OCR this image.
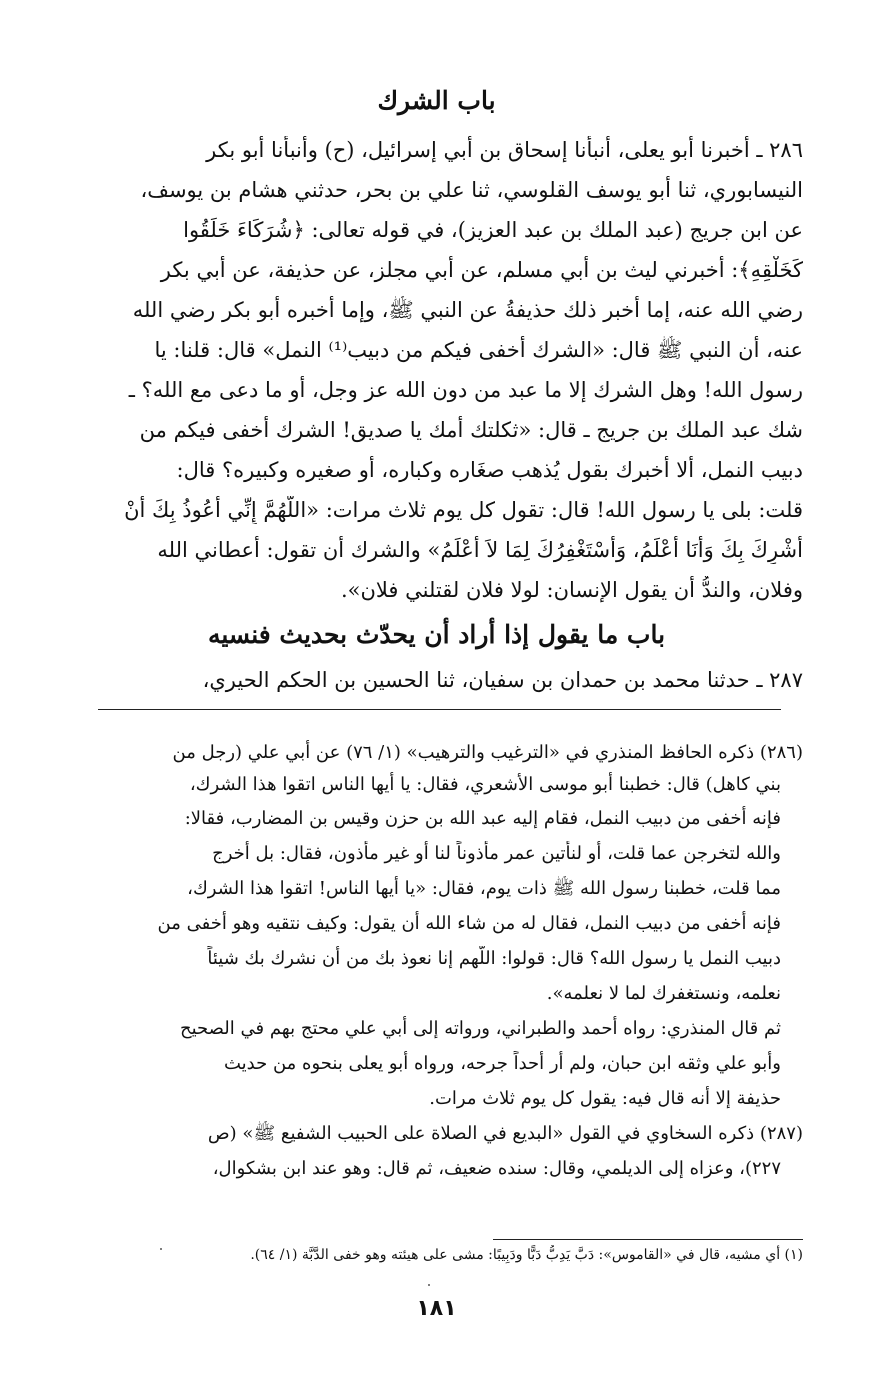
باب الشرك
٢٨٦ ـ أخبرنا أبو يعلى، أنبأنا إسحاق بن أبي إسرائيل، (ح) وأنبأنا أبو بكر
النيسابوري، ثنا أبو يوسف القلوسي، ثنا علي بن بحر، حدثني هشام بن يوسف،
عن ابن جريج (عبد الملك بن عبد العزيز)، في قوله تعالى: ﴿شُرَكَاءَ خَلَقُوا
كَخَلْقِهِ﴾: أخبرني ليث بن أبي مسلم، عن أبي مجلز، عن حذيفة، عن أبي بكر
رضي الله عنه، إما أخبر ذلك حذيفةُ عن النبي ﷺ، وإما أخبره أبو بكر رضي الله
عنه، أن النبي ﷺ قال: «الشرك أخفى فيكم من دبيب⁽¹⁾ النمل» قال: قلنا: يا
رسول الله! وهل الشرك إلا ما عبد من دون الله عز وجل، أو ما دعى مع الله؟ ـ
شك عبد الملك بن جريج ـ قال: «ثكلتك أمك يا صديق! الشرك أخفى فيكم من
دبيب النمل، ألا أخبرك بقول يُذهب صغَاره وكباره، أو صغيره وكبيره؟ قال:
قلت: بلى يا رسول الله! قال: تقول كل يوم ثلاث مرات: «اللَّهُمَّ إِنِّي أَعُوذُ بِكَ أَنْ
أُشْرِكَ بِكَ وَأَنَا أَعْلَمُ، وَأَسْتَغْفِرُكَ لِمَا لاَ أَعْلَمُ» والشرك أن تقول: أعطاني الله
وفلان، والندُّ أن يقول الإنسان: لولا فلان لقتلني فلان».
باب ما يقول إذا أراد أن يحدّث بحديث فنسيه
٢٨٧ ـ حدثنا محمد بن حمدان بن سفيان، ثنا الحسين بن الحكم الحيري،
(٢٨٦) ذكره الحافظ المنذري في «الترغيب والترهيب» (١/ ٧٦) عن أبي علي (رجل من
بني كاهل) قال: خطبنا أبو موسى الأشعري، فقال: يا أيها الناس اتقوا هذا الشرك،
فإنه أخفى من دبيب النمل، فقام إليه عبد الله بن حزن وقيس بن المضارب، فقالا:
والله لتخرجن عما قلت، أو لنأتين عمر مأذوناً لنا أو غير مأذون، فقال: بل أخرج
مما قلت، خطبنا رسول الله ﷺ ذات يوم، فقال: «يا أيها الناس! اتقوا هذا الشرك،
فإنه أخفى من دبيب النمل، فقال له من شاء الله أن يقول: وكيف نتقيه وهو أخفى من
دبيب النمل يا رسول الله؟ قال: قولوا: اللّهم إنا نعوذ بك من أن نشرك بك شيئاً
نعلمه، ونستغفرك لما لا نعلمه».
ثم قال المنذري: رواه أحمد والطبراني، ورواته إلى أبي علي محتج بهم في الصحيح
وأبو علي وثقه ابن حبان، ولم أر أحداً جرحه، ورواه أبو يعلى بنحوه من حديث
حذيفة إلا أنه قال فيه: يقول كل يوم ثلاث مرات.
(٢٨٧) ذكره السخاوي في القول «البديع في الصلاة على الحبيب الشفيع ﷺ» (ص
٢٢٧)، وعزاه إلى الديلمي، وقال: سنده ضعيف، ثم قال: وهو عند ابن بشكوال،
(١) أي مشيه، قال في «القاموس»: دَبَّ يَدِبُّ دَبًّا ودَبِيبًا: مشى على هيئته وهو خفى الدَّبَّة (١/ ٦٤).
١٨١
